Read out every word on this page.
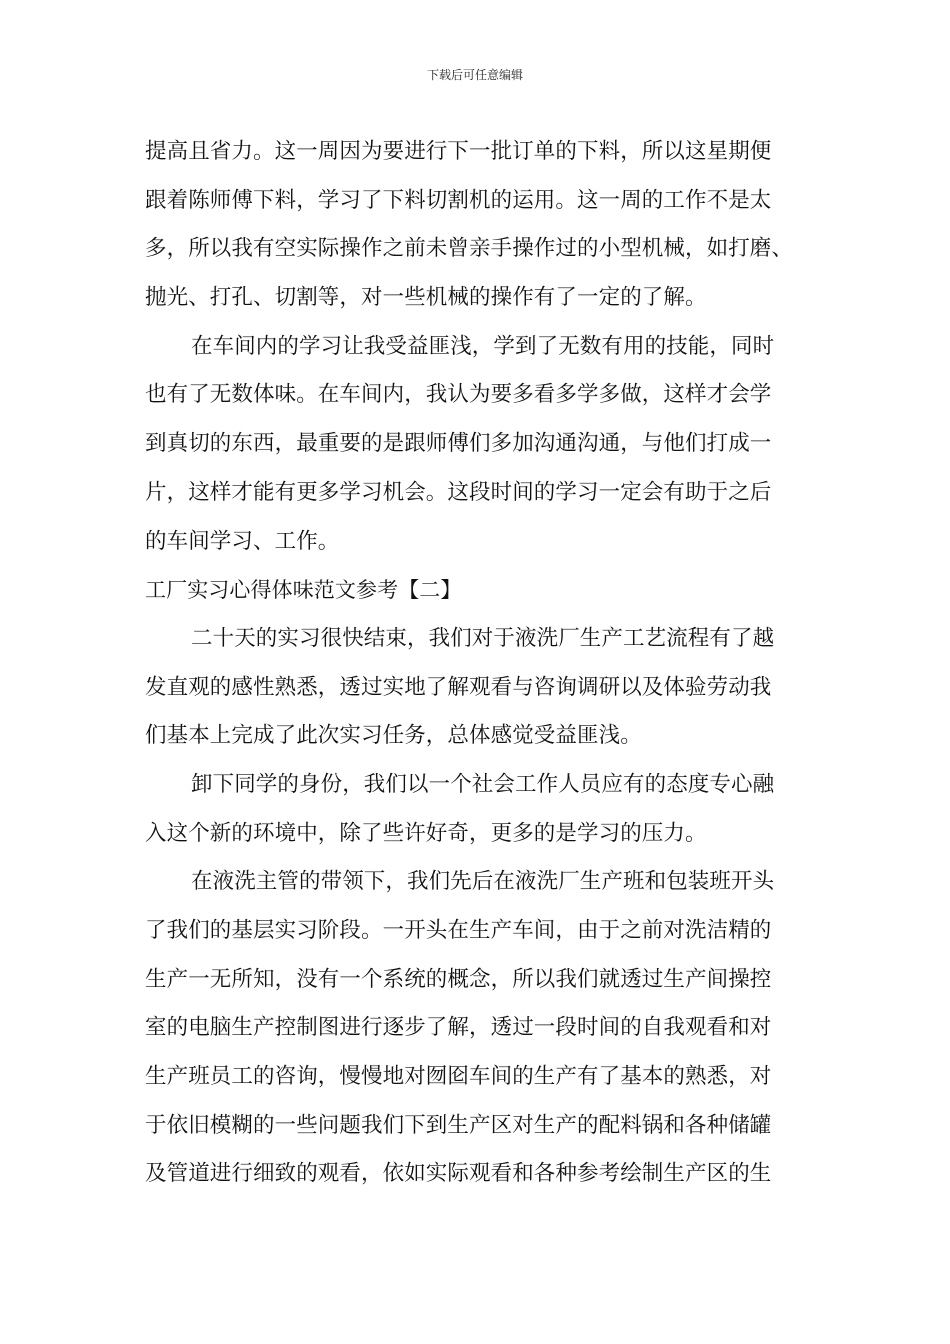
下载后可任意编辑
提高且省力。这一周因为要进行下一批订单的下料，所以这星期便
跟着陈师傅下料，学习了下料切割机的运用。这一周的工作不是太
多，所以我有空实际操作之前未曾亲手操作过的小型机械，如打磨、
抛光、打孔、切割等，对一些机械的操作有了一定的了解。
在车间内的学习让我受益匪浅，学到了无数有用的技能，同时
也有了无数体味。在车间内，我认为要多看多学多做，这样才会学
到真切的东西，最重要的是跟师傅们多加沟通沟通，与他们打成一
片，这样才能有更多学习机会。这段时间的学习一定会有助于之后
的车间学习、工作。
工厂实习心得体味范文参考【二】
二十天的实习很快结束，我们对于液洗厂生产工艺流程有了越
发直观的感性熟悉，透过实地了解观看与咨询调研以及体验劳动我
们基本上完成了此次实习任务，总体感觉受益匪浅。
卸下同学的身份，我们以一个社会工作人员应有的态度专心融
入这个新的环境中，除了些许好奇，更多的是学习的压力。
在液洗主管的带领下，我们先后在液洗厂生产班和包装班开头
了我们的基层实习阶段。一开头在生产车间，由于之前对洗洁精的
生产一无所知，没有一个系统的概念，所以我们就透过生产间操控
室的电脑生产控制图进行逐步了解，透过一段时间的自我观看和对
生产班员工的咨询，慢慢地对囫囵车间的生产有了基本的熟悉，对
于依旧模糊的一些问题我们下到生产区对生产的配料锅和各种储罐
及管道进行细致的观看，依如实际观看和各种参考绘制生产区的生
